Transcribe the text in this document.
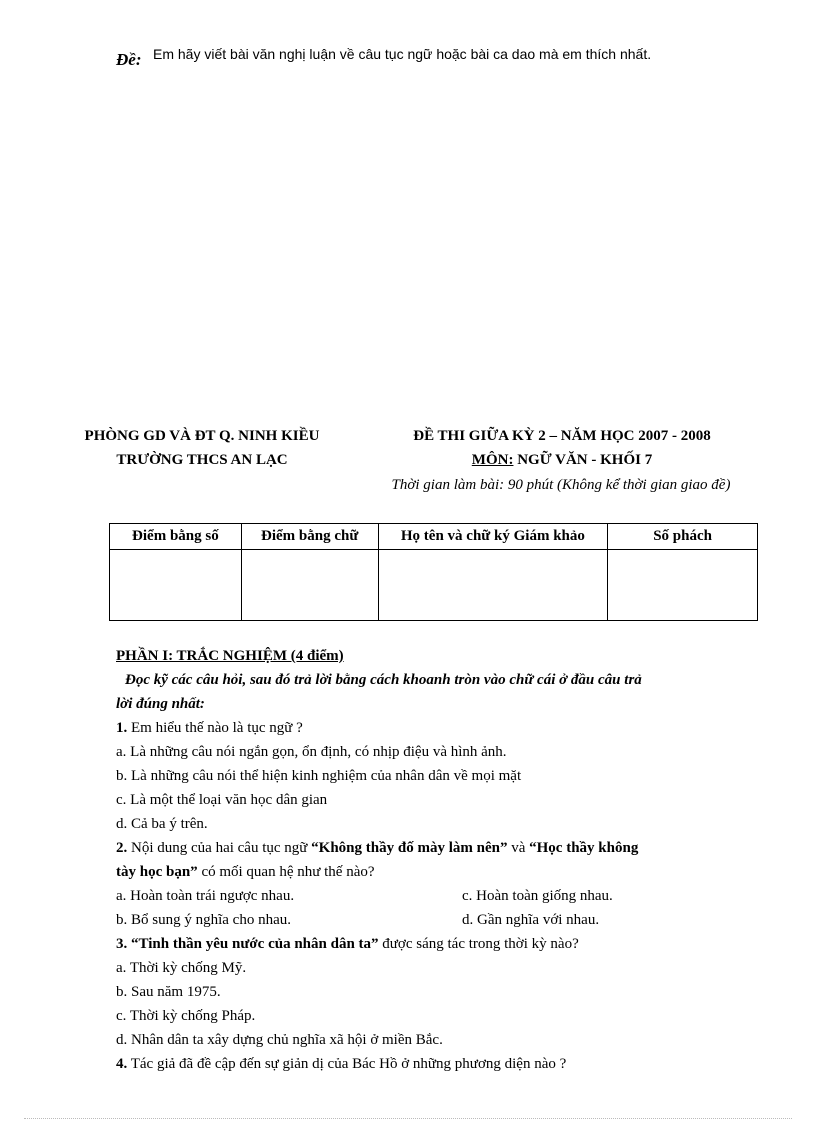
Đề: Em hãy viết bài văn nghị luận về câu tục ngữ hoặc bài ca dao mà em thích nhất.
PHÒNG GD VÀ ĐT Q. NINH KIỀU
TRƯỜNG THCS AN LẠC
ĐỀ THI GIỮA KỲ 2 – NĂM HỌC 2007 - 2008
MÔN: NGỮ VĂN - KHỐI 7
Thời gian làm bài: 90 phút (Không kể thời gian giao đề)
Điểm bằng số	Điểm bằng chữ	Họ tên và chữ ký Giám khảo	Số phách

PHẦN I: TRẮC NGHIỆM (4 điểm)
Đọc kỹ các câu hỏi, sau đó trả lời bằng cách khoanh tròn vào chữ cái ở đầu câu trả
lời đúng nhất:
1. Em hiểu thế nào là tục ngữ ?
a. Là những câu nói ngắn gọn, ổn định, có nhịp điệu và hình ảnh.
b. Là những câu nói thể hiện kinh nghiệm của nhân dân về mọi mặt
c. Là một thể loại văn học dân gian
d. Cả ba ý trên.
2. Nội dung của hai câu tục ngữ “Không thầy đố mày làm nên” và “Học thầy không
tày học bạn” có mối quan hệ như thế nào?
a. Hoàn toàn trái ngược nhau.	c. Hoàn toàn giống nhau.
b. Bổ sung ý nghĩa cho nhau.	d. Gần nghĩa với nhau.
3. “Tinh thần yêu nước của nhân dân ta” được sáng tác trong thời kỳ nào?
a. Thời kỳ chống Mỹ.
b. Sau năm 1975.
c. Thời kỳ chống Pháp.
d. Nhân dân ta xây dựng chủ nghĩa xã hội ở miền Bắc.
4. Tác giả đã đề cập đến sự giản dị của Bác Hồ ở những phương diện nào ?
